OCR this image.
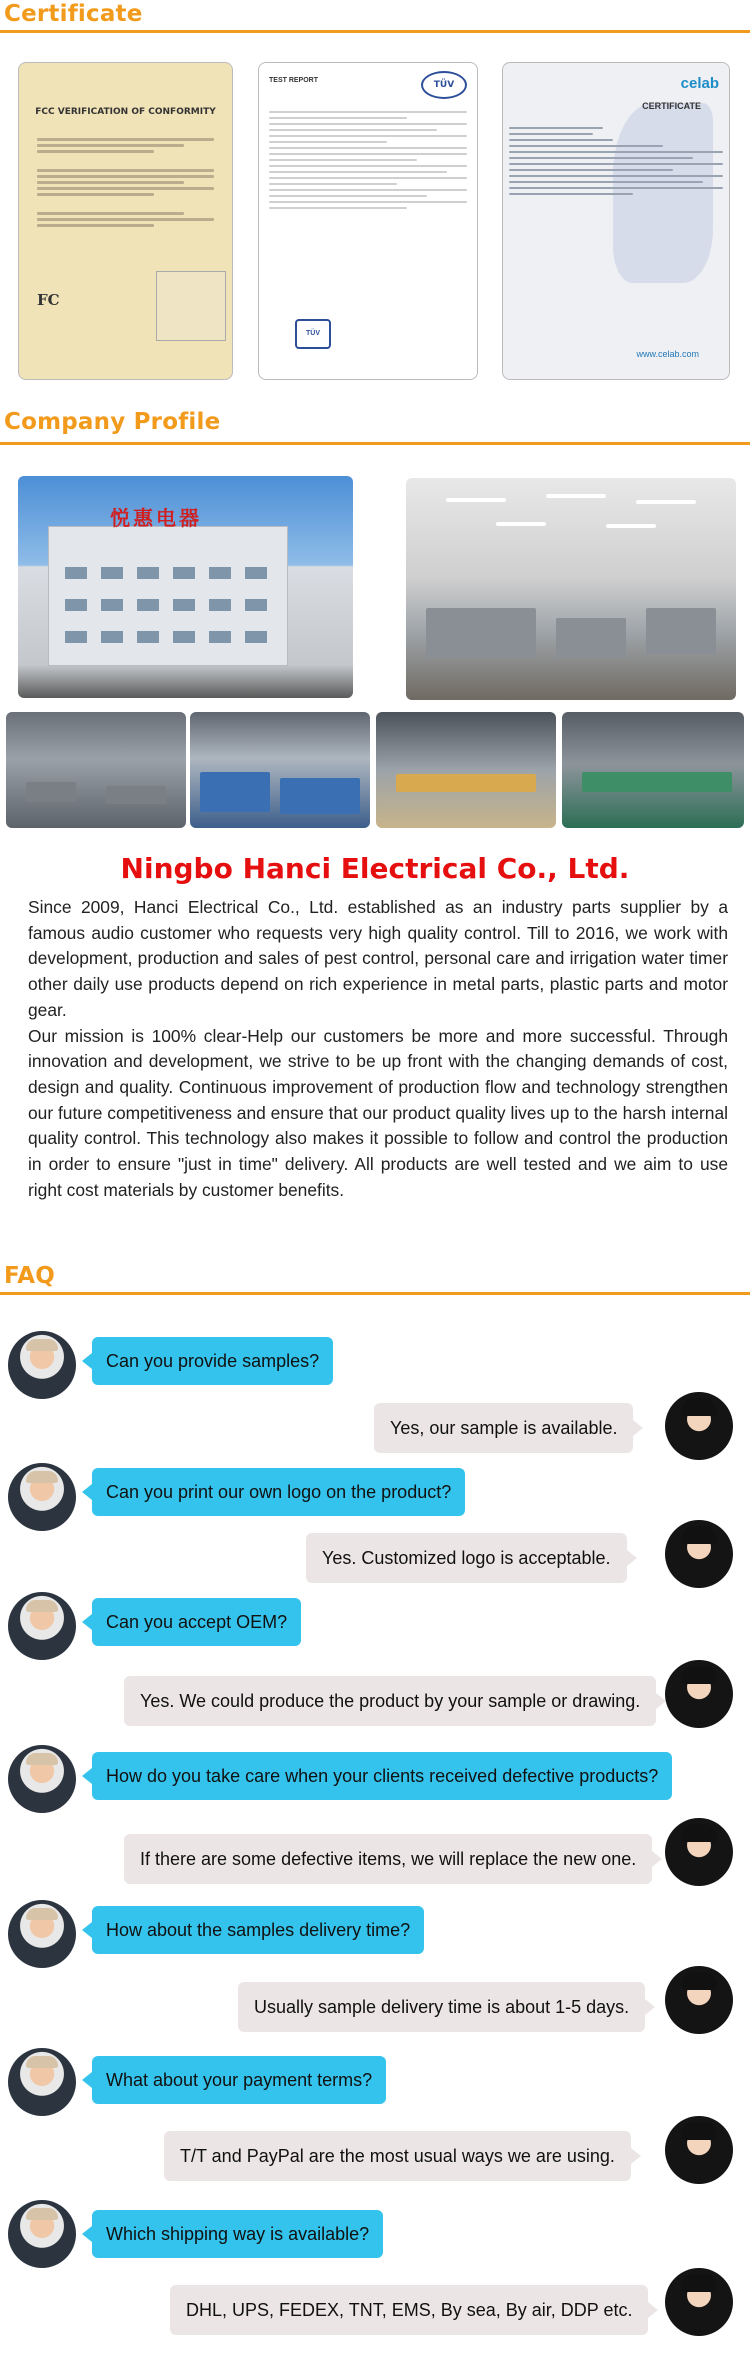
Certificate
FCC VERIFICATION OF CONFORMITY
FC
TEST REPORT	TÜV
TÜV
celab
CERTIFICATE
www.celab.com
Company Profile
悦惠电器
Ningbo Hanci Electrical Co., Ltd.

Since 2009, Hanci Electrical Co., Ltd. established as an industry parts supplier by a famous audio customer who requests very high quality control. Till to 2016, we work with development, production and sales of pest control, personal care and irrigation water timer other daily use products depend on rich experience in metal parts, plastic parts and motor gear.

Our mission is 100% clear-Help our customers be more and more successful. Through innovation and development, we strive to be up front with the changing demands of cost, design and quality. Continuous improvement of production flow and technology strengthen our future competitiveness and ensure that our product quality lives up to the harsh internal quality control. This technology also makes it possible to follow and control the production in order to ensure "just in time" delivery. All products are well tested and we aim to use right cost materials by customer benefits.

FAQ
Can you provide samples?
Yes, our sample is available.
Can you print our own logo on the product?
Yes. Customized logo is acceptable.
Can you accept OEM?
Yes. We could produce the product by your sample or drawing.
How do you take care when your clients received defective products?
If there are some defective items, we will replace the new one.
How about the samples delivery time?
Usually sample delivery time is about 1-5 days.
What about your payment terms?
T/T and PayPal are the most usual ways we are using.
Which shipping way is available?
DHL, UPS, FEDEX, TNT, EMS, By sea, By air, DDP etc.
